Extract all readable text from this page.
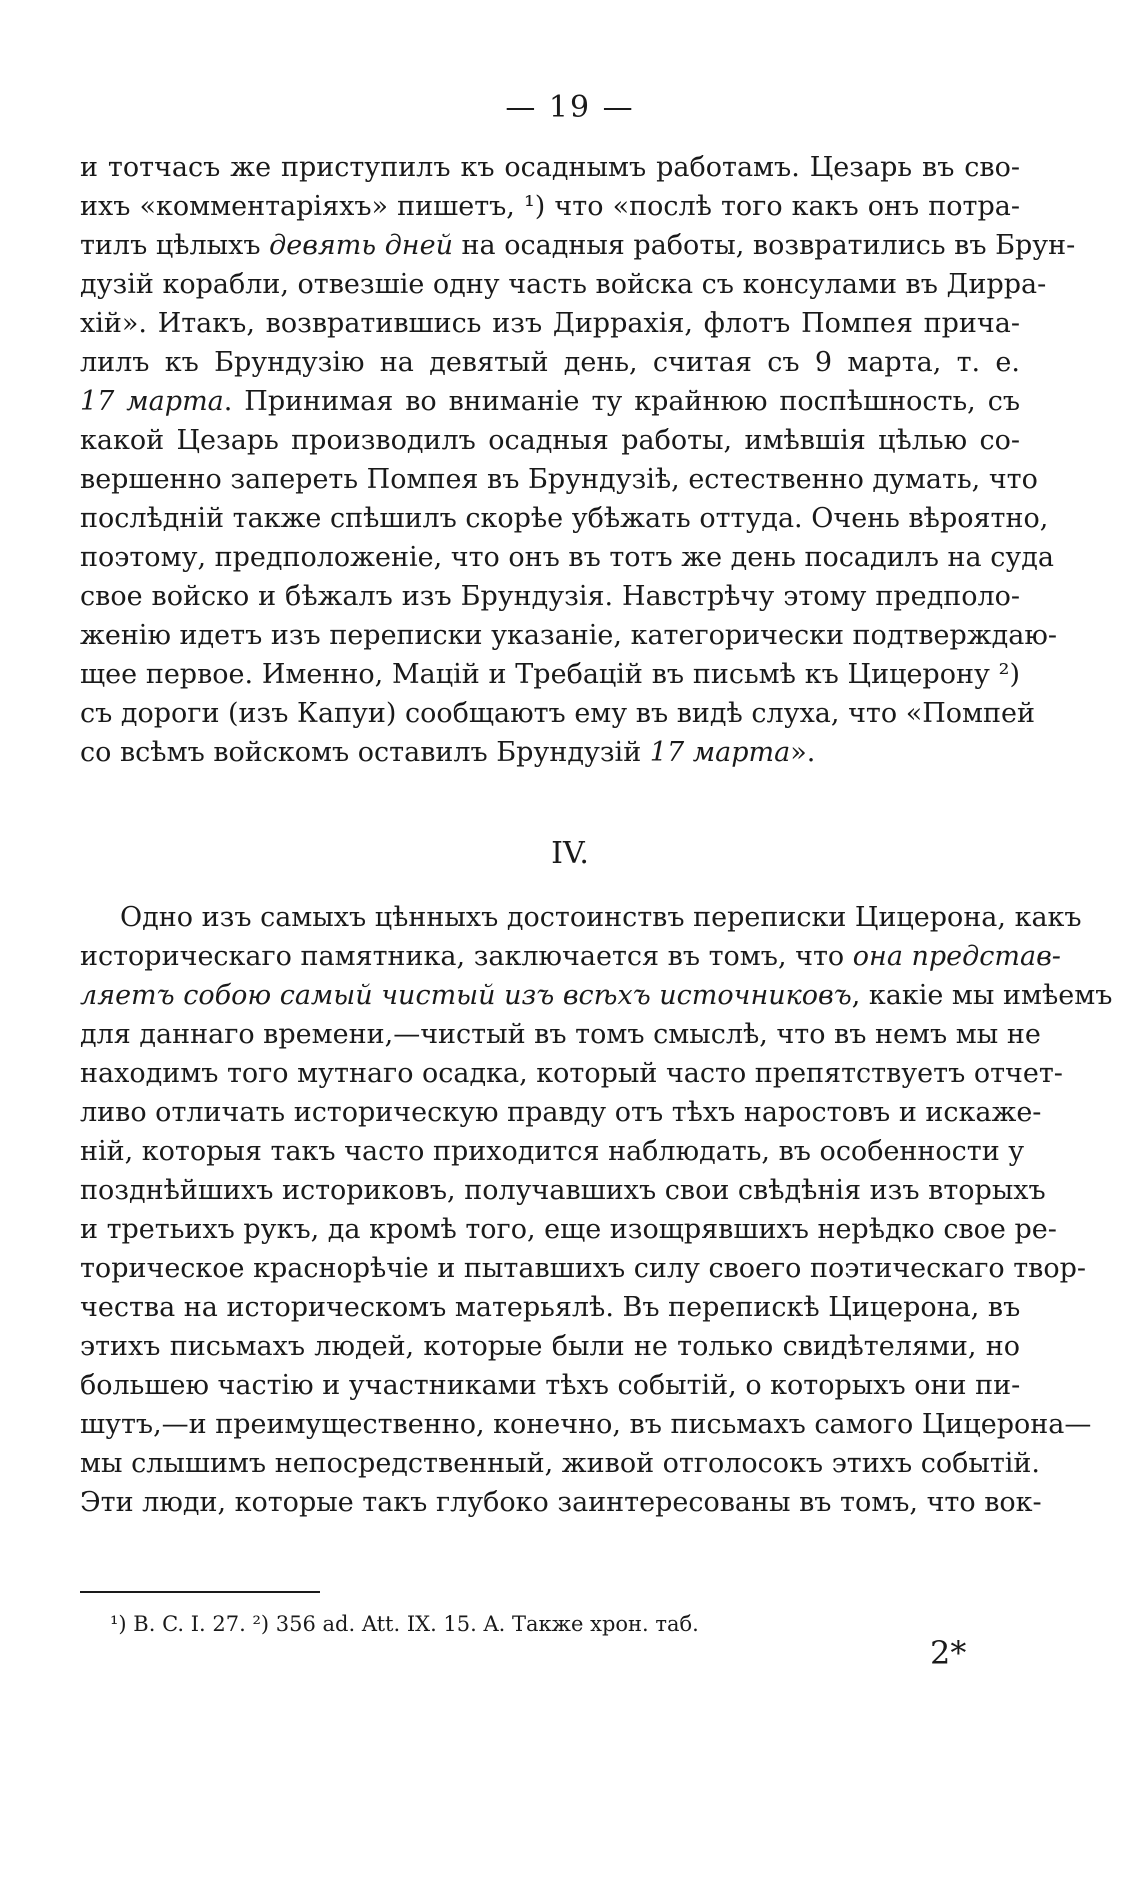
— 19 —
и тотчасъ же приступилъ къ осаднымъ работамъ. Цезарь въ сво-
ихъ «комментаріяхъ» пишетъ, ¹) что «послѣ того какъ онъ потра-
тилъ цѣлыхъ девять дней на осадныя работы, возвратились въ Брун-
дузій корабли, отвезшіе одну часть войска съ консулами въ Дирра-
хій». Итакъ, возвратившись изъ Диррахія, флотъ Помпея прича-
лилъ къ Брундузію на девятый день, считая съ 9 марта, т. е.
17 марта. Принимая во вниманіе ту крайнюю поспѣшность, съ
какой Цезарь производилъ осадныя работы, имѣвшія цѣлью со-
вершенно запереть Помпея въ Брундузіѣ, естественно думать, что
послѣдній также спѣшилъ скорѣе убѣжать оттуда. Очень вѣроятно,
поэтому, предположеніе, что онъ въ тотъ же день посадилъ на суда
свое войско и бѣжалъ изъ Брундузія. Навстрѣчу этому предполо-
женію идетъ изъ переписки указаніе, категорически подтверждаю-
щее первое. Именно, Мацій и Требацій въ письмѣ къ Цицерону ²)
съ дороги (изъ Капуи) сообщаютъ ему въ видѣ слуха, что «Помпей
со всѣмъ войскомъ оставилъ Брундузій 17 марта».
IV.
Одно изъ самыхъ цѣнныхъ достоинствъ переписки Цицерона, какъ
историческаго памятника, заключается въ томъ, что она представ-
ляетъ собою самый чистый изъ всѣхъ источниковъ, какіе мы имѣемъ
для даннаго времени,—чистый въ томъ смыслѣ, что въ немъ мы не
находимъ того мутнаго осадка, который часто препятствуетъ отчет-
ливо отличать историческую правду отъ тѣхъ наростовъ и искаже-
ній, которыя такъ часто приходится наблюдать, въ особенности у
позднѣйшихъ историковъ, получавшихъ свои свѣдѣнія изъ вторыхъ
и третьихъ рукъ, да кромѣ того, еще изощрявшихъ нерѣдко свое ре-
торическое краснорѣчіе и пытавшихъ силу своего поэтическаго твор-
чества на историческомъ матерьялѣ. Въ перепискѣ Цицерона, въ
этихъ письмахъ людей, которые были не только свидѣтелями, но
большею частію и участниками тѣхъ событій, о которыхъ они пи-
шутъ,—и преимущественно, конечно, въ письмахъ самого Цицерона—
мы слышимъ непосредственный, живой отголосокъ этихъ событій.
Эти люди, которые такъ глубоко заинтересованы въ томъ, что вок-
¹) B. C. I. 27. ²) 356 ad. Att. IX. 15. A. Также хрон. таб.
2*
